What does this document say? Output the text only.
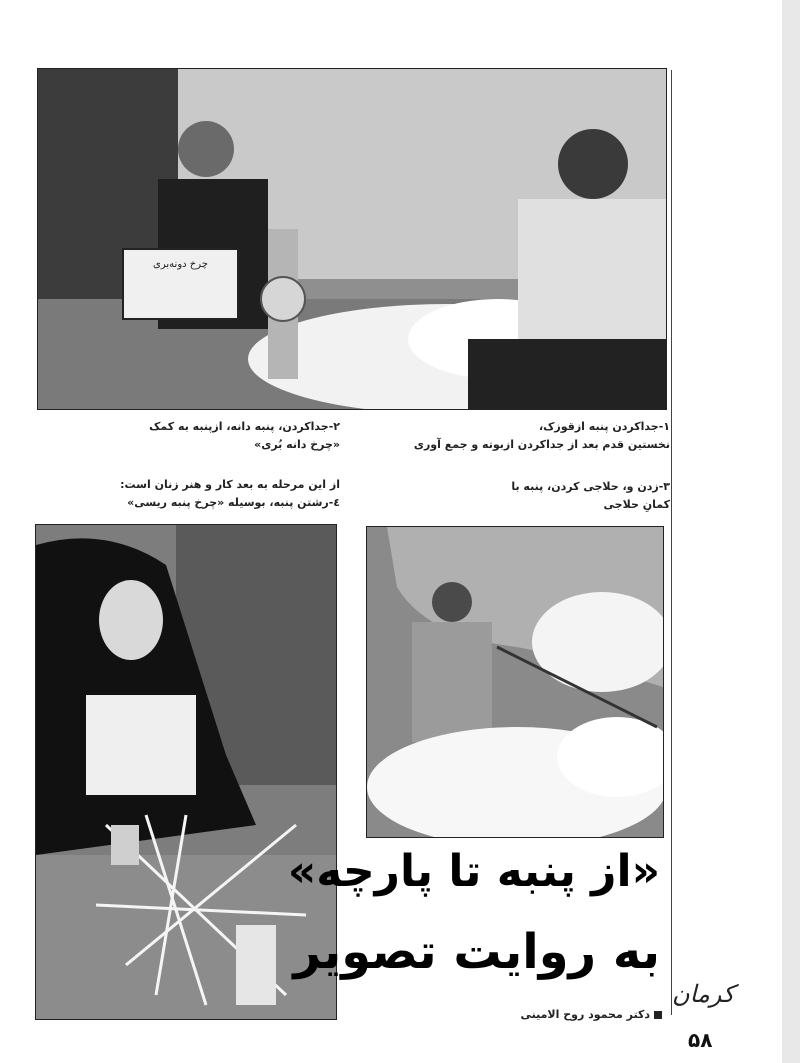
چرخ دونه‌بری
۱-جداکردن پنبه ازقوزک،
نخستین قدم بعد از جداکردن ازبوته و جمع آوری
۲-جداکردن، پنبه دانه، ازپنبه به کمک
«چرخ دانه بُری»
۳-زدن و، حلاجی کردن، پنبه با
کمانِ حلاجی
از این مرحله به بعد کار و هنر زنان است:
٤-رشتن پنبه، بوسیله «چرخ پنبه ریسی»
«از پنبه تا پارچه»
به روایت تصویر
دکتر محمود روح الامینی
کرمان
۵۸
